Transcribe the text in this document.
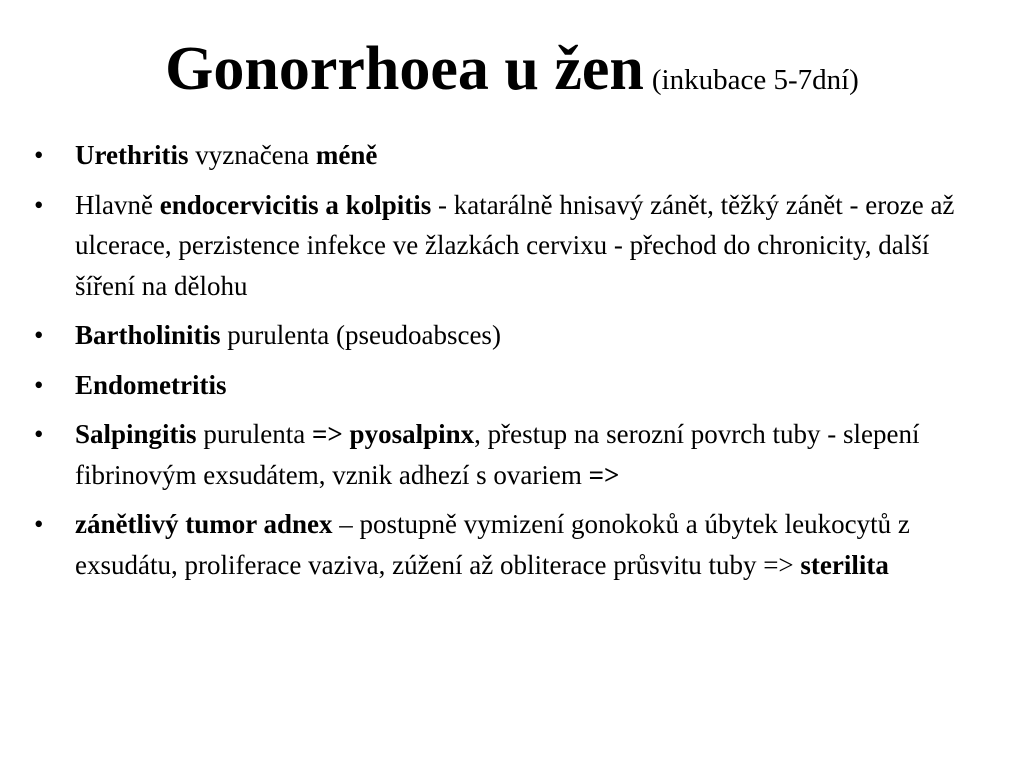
Gonorrhoea u žen (inkubace 5-7dní)
•	Urethritis vyznačena méně
•	Hlavně endocervicitis a kolpitis - katarálně hnisavý zánět, těžký zánět - eroze až ulcerace, perzistence infekce ve žlazkách cervixu - přechod do chronicity, další šíření na dělohu
•	Bartholinitis purulenta (pseudoabsces)
•	Endometritis
•	Salpingitis purulenta => pyosalpinx, přestup na serozní povrch tuby - slepení fibrinovým exsudátem, vznik adhezí s ovariem =>
•	zánětlivý tumor adnex – postupně vymizení gonokoků a úbytek leukocytů z exsudátu, proliferace vaziva, zúžení až obliterace průsvitu tuby => sterilita
